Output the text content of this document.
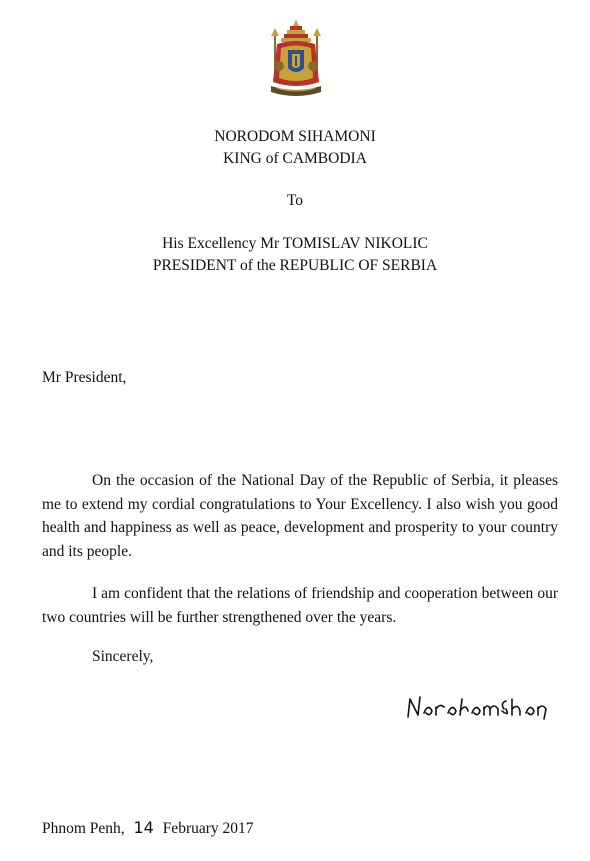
NORODOM SIHAMONI
KING of CAMBODIA
To
His Excellency Mr TOMISLAV NIKOLIC
PRESIDENT of the REPUBLIC OF SERBIA
Mr President,
On the occasion of the National Day of the Republic of Serbia, it pleases me to extend my cordial congratulations to Your Excellency. I also wish you good health and happiness as well as peace, development and prosperity to your country and its people.
I am confident that the relations of friendship and cooperation between our two countries will be further strengthened over the years.
Sincerely,
Phnom Penh, 14 February 2017
